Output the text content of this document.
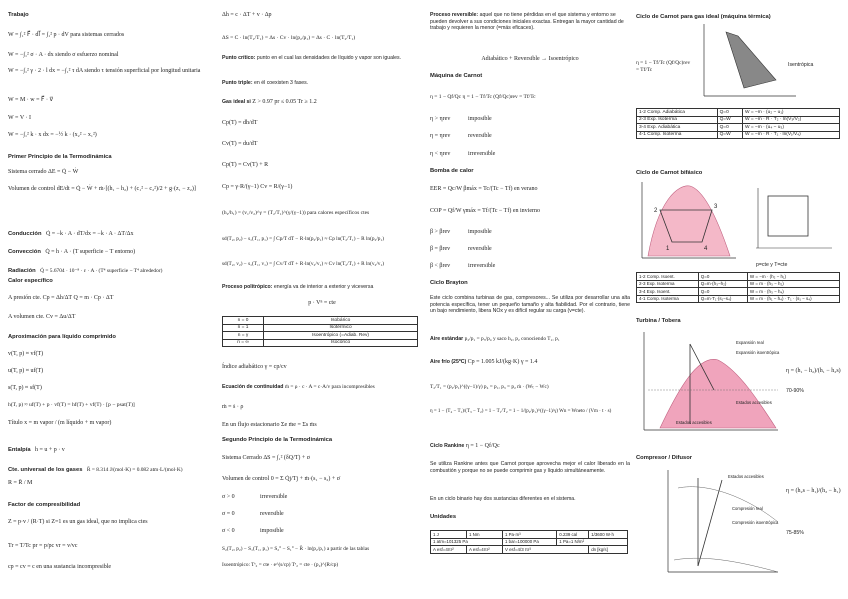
Trabajo
W = ∫₁² F⃗ · dl⃗ = ∫₁² p · dV para sistemas cerrados
W = −∫₁² σ · A · dx siendo σ esfuerzo nominal
W = −∫₁² γ · 2 · l dx = −∫₁² τ dA siendo τ tensión superficial por longitud unitaria
W = M · w = F⃗ · v⃗
W = V · I
W = −∫₁² k · x dx = −½ k · (x₂² − x₁²)
Primer Principio de la Termodinámica
Sistema cerrado ΔE = Q̇ − Ẇ
Volumen de control dE/dt = Q̇ − Ẇ + ṁ·[(h₁ − h₂) + (c₁² − c₂²)/2 + g·(z₁ − z₂)]
Conducción Q̇ = −k · A · dT/dx = −k · A · ΔT/Δx
Convección Q̇ = h · A · (T superficie − T entorno)
Radiación Q̇ = 5.6704 · 10⁻⁸ · ε · A · (T⁴ superficie − T⁴ alrededor)
Calor específico
A presión cte. Cp = Δh/ΔT Q = m · Cp · ΔT
A volumen cte. Cv = Δu/ΔT
Aproximación para líquido comprimido
v(T, p) ≈ vf(T)
u(T, p) ≈ uf(T)
s(T, p) ≈ sf(T)
h(T, p) ≈ uf(T) + p · vf(T) = hf(T) + vf(T) · [p − psat(T)]
Título x = m vapor / (m líquido + m vapor)
Entalpía h = u + p · v
Cte. universal de los gases R̄ = 8.314 J/(mol·K) = 0.082 atm·L/(mol·K)
R = R̄ / M
Factor de compresibilidad
Z = p·v / (R·T) si Z=1 es un gas ideal, que no implica ctes
Tr = T/Tc pr = p/pc vr = v/vc
cp = cv = c en una sustancia incompresible
Δh = c · ΔT + v · Δp
ΔS = C · ln(T₂/T₁) = Δs · Cv · ln(p₂/p₁) = Δs · C · ln(T₂/T₁)
Punto crítico: punto en el cual las densidades de líquido y vapor son iguales.
Punto triple: en él coexisten 3 fases.
Gas ideal si Z > 0.97 pr ≤ 0.05 Tr ≥ 1.2
Cp(T) = dh/dT
Cv(T) = du/dT
Cp(T) = Cv(T) + R
Cp = γ·R/(γ−1) Cv = R/(γ−1)
(h₂/h₁) = (v₁/v₂)^γ = (T₂/T₁)^(γ/(γ−1)) para calores específicos ctes
sd(T₂, p₂) − s₁(T₁, p₁) = ∫ Cp/T dT − R·ln(p₂/p₁) ≈ Cp ln(T₂/T₁) − R ln(p₂/p₁)
sd(T₂, v₂) − s₁(T₁, v₁) = ∫ Cv/T dT + R·ln(v₂/v₁) ≈ Cv ln(T₂/T₁) + R ln(v₂/v₁)
Proceso politrópico: energía va de interior a exterior y viceversa
p · Vⁿ = cte
n = 0	Isobárico
n = 1	Isotérmico
n = γ	Isoentrópico (=Adiab. Rev)
n = ∞	Isocórico
Índice adiabático γ = cp/cv
Ecuación de continuidad ṁ = ρ · c · A = c·A/v para incompresibles
ṁ = ṡ · ρ
En un flujo estacionario Σe ṁe = Σs ṁs
Segundo Principio de la Termodinámica
Sistema Cerrado ΔS = ∫₁² (δQ/T) + σ
Volumen de control 0 = Σ Q̇j/Tj + ṁ·(s₁ − s₂) + σ̇
σ > 0	irreversible
σ = 0	reversible
σ < 0	imposible
S₂(T₂, p₂) − S₁(T₁, p₁) = S₂° − S₁° − R̄ · ln(p₂/p₁) a partir de las tablas
Isoentrópico: Tˢ₂ = cte · e^(s/cp) Tˢ₂ = cte · (p₂)^(R/cp)
Proceso reversible: aquel que no tiene pérdidas en el que sistema y entorno se pueden devolver a sus condiciones iniciales exactas. Entregan la mayor cantidad de trabajo y requieren la menor (=más eficaces).
Adiabático + Reversible → Isoentrópico
Máquina de Carnot
η = 1 − Qf/Qc η = 1 − Tf/Tc (Qf/Qc)rev = Tf/Tc
η > ηrev	imposible
η = ηrev	reversible
η < ηrev	irreversible
Bomba de calor
EER = Qc/W βmáx = Tc/(Tc − Tf) en verano
COP = Qf/W γmáx = Tf/(Tc − Tf) en invierno
β > βrev	imposible
β = βrev	reversible
β < βrev	irreversible
Ciclo Brayton
Este ciclo combina turbinas de gas, compresores... Se utiliza por desarrollar una alta potencia específica, tener un pequeño tamaño y alta fiabilidad. Por el contrario, tiene un bajo rendimiento, libera NOx y es difícil regular su carga (v=cte).
Aire estándar p₂/p₁ = p₃/p₄ y saco h₂, p₂ conociendo T₁, p₁
Aire frío (25ºC) Cp = 1.005 kJ/(kg·K) γ = 1.4
T₂/T₁ = (p₂/p₁)^((γ−1)/γ) p₄ = p₁, p₃ = p₂ ṁ · (Wₜ − Wc)
η = 1 − (T₄ − T₁)/(T₃ − T₂) = 1 − T₁/T₂ = 1 − 1/(p₂/p₁)^((γ−1)/γ) Wn = Wneto / (Vm · t · s)
Ciclo Rankine η = 1 − Qf/Qc
Se utiliza Rankine antes que Carnot porque aprovecha mejor el calor liberado en la combustión y porque no se puede comprimir gas y líquido simultáneamente.
En un ciclo binario hay dos sustancias diferentes en el sistema.
Unidades
1 J	1 Nm	1 Pa·m³	0.239 cal	1/3600 W·h
1 atm=101325 Pa		1 bar=100000 Pa	1 Pa=1 N/m²	
A esf=4πr²	A esf=4πr²	V esf=4/3 πr³		dn [kg/s]
Ciclo de Carnot para gas ideal (máquina térmica)
η = 1 − Tf/Tc (Qf/Qc)rev = Tf/Tc
Isentrópica
1-2 Comp. Adiabática	Q=0	W = −m · (u₂ − u₁)
2-3 Exp. Isoterma	Q=W	W = −m · R · T₂ · ln(V₃/V₂)
3-4 Exp. Adiabática	Q=0	W = −m · (u₄ − u₃)
4-1 Comp. Isoterma	Q=W	W = −m · R · T₁ · ln(V₁/V₄)
Ciclo de Carnot bifásico
2
3
1	4
p=cte y T=cte
1-2 Comp. Isoent.	Q=0	W = −m · (h₂ − h₁)
2-3 Exp. Isoterma	Q=m·(h₃−h₂)	W = m · (h₃ − h₂)
3-4 Exp. Isoent.	Q=0	W = m · (h₃ − h₄)
4-1 Comp. Isoterma	Q=m·T₁·(s₁−s₄)	W = m · (h₁ − h₄) · T₁ · (s₁ − s₄)
Turbina / Tobera
Expansión real
Expansión isoentrópica
Estados accesibles
Estados accesibles
η = (h₁ − h₂)/(h₁ − h₂s)
70-90%
Compresor / Difusor
Estados accesibles
Compresión real
Compresión isoentrópica
η = (h₂s − h₁)/(h₂ − h₁)
75-85%
